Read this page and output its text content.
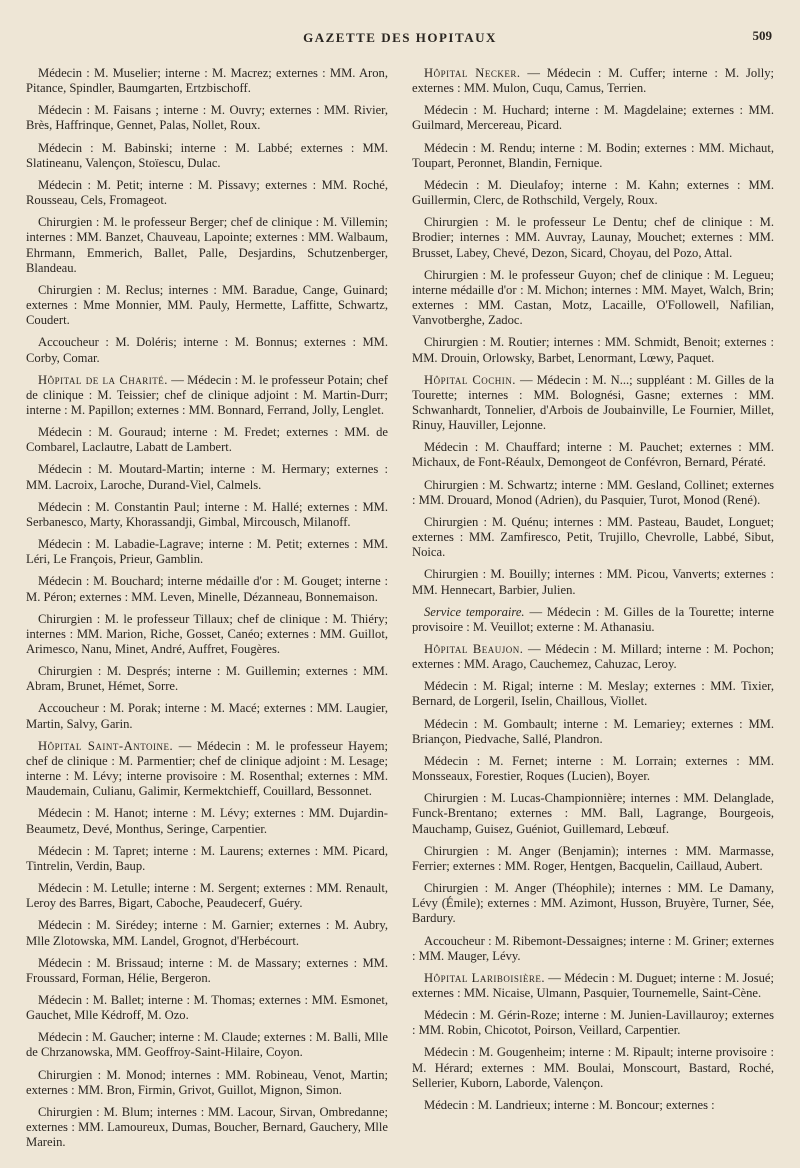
GAZETTE DES HOPITAUX	509

Médecin : M. Muselier; interne : M. Macrez; externes : MM. Aron, Pitance, Spindler, Baumgarten, Ertzbischoff.

Médecin : M. Faisans ; interne : M. Ouvry; externes : MM. Rivier, Brès, Haffrinque, Gennet, Palas, Nollet, Roux.

Médecin : M. Babinski; interne : M. Labbé; externes : MM. Slatineanu, Valençon, Stoïescu, Dulac.

Médecin : M. Petit; interne : M. Pissavy; externes : MM. Roché, Rousseau, Cels, Fromageot.

Chirurgien : M. le professeur Berger; chef de clinique : M. Villemin; internes : MM. Banzet, Chauveau, Lapointe; externes : MM. Walbaum, Ehrmann, Emmerich, Ballet, Palle, Desjardins, Schutzenberger, Blandeau.

Chirurgien : M. Reclus; internes : MM. Baradue, Cange, Guinard; externes : Mme Monnier, MM. Pauly, Hermette, Laffitte, Schwartz, Coudert.

Accoucheur : M. Doléris; interne : M. Bonnus; externes : MM. Corby, Comar.

Hôpital de la Charité. — Médecin : M. le professeur Potain; chef de clinique : M. Teissier; chef de clinique adjoint : M. Martin-Durr; interne : M. Papillon; externes : MM. Bonnard, Ferrand, Jolly, Lenglet.

Médecin : M. Gouraud; interne : M. Fredet; externes : MM. de Combarel, Laclautre, Labatt de Lambert.

Médecin : M. Moutard-Martin; interne : M. Hermary; externes : MM. Lacroix, Laroche, Durand-Viel, Calmels.

Médecin : M. Constantin Paul; interne : M. Hallé; externes : MM. Serbanesco, Marty, Khorassandji, Gimbal, Mircousch, Milanoff.

Médecin : M. Labadie-Lagrave; interne : M. Petit; externes : MM. Léri, Le François, Prieur, Gamblin.

Médecin : M. Bouchard; interne médaille d'or : M. Gouget; interne : M. Péron; externes : MM. Leven, Minelle, Dézanneau, Bonnemaison.

Chirurgien : M. le professeur Tillaux; chef de clinique : M. Thiéry; internes : MM. Marion, Riche, Gosset, Canéo; externes : MM. Guillot, Arimesco, Nanu, Minet, André, Auffret, Fougères.

Chirurgien : M. Després; interne : M. Guillemin; externes : MM. Abram, Brunet, Hémet, Sorre.

Accoucheur : M. Porak; interne : M. Macé; externes : MM. Laugier, Martin, Salvy, Garin.

Hôpital Saint-Antoine. — Médecin : M. le professeur Hayem; chef de clinique : M. Parmentier; chef de clinique adjoint : M. Lesage; interne : M. Lévy; interne provisoire : M. Rosenthal; externes : MM. Maudemain, Culianu, Galimir, Kermektchieff, Couillard, Bessonnet.

Médecin : M. Hanot; interne : M. Lévy; externes : MM. Dujardin-Beaumetz, Devé, Monthus, Seringe, Carpentier.

Médecin : M. Tapret; interne : M. Laurens; externes : MM. Picard, Tintrelin, Verdin, Baup.

Médecin : M. Letulle; interne : M. Sergent; externes : MM. Renault, Leroy des Barres, Bigart, Caboche, Peaudecerf, Guéry.

Médecin : M. Sirédey; interne : M. Garnier; externes : M. Aubry, Mlle Zlotowska, MM. Landel, Grognot, d'Herbécourt.

Médecin : M. Brissaud; interne : M. de Massary; externes : MM. Froussard, Forman, Hélie, Bergeron.

Médecin : M. Ballet; interne : M. Thomas; externes : MM. Esmonet, Gauchet, Mlle Kédroff, M. Ozo.

Médecin : M. Gaucher; interne : M. Claude; externes : M. Balli, Mlle de Chrzanowska, MM. Geoffroy-Saint-Hilaire, Coyon.

Chirurgien : M. Monod; internes : MM. Robineau, Venot, Martin; externes : MM. Bron, Firmin, Grivot, Guillot, Mignon, Simon.

Chirurgien : M. Blum; internes : MM. Lacour, Sirvan, Ombredanne; externes : MM. Lamoureux, Dumas, Boucher, Bernard, Gauchery, Mlle Marein.

Hôpital Necker. — Médecin : M. Cuffer; interne : M. Jolly; externes : MM. Mulon, Cuqu, Camus, Terrien.

Médecin : M. Huchard; interne : M. Magdelaine; externes : MM. Guilmard, Mercereau, Picard.

Médecin : M. Rendu; interne : M. Bodin; externes : MM. Michaut, Toupart, Peronnet, Blandin, Fernique.

Médecin : M. Dieulafoy; interne : M. Kahn; externes : MM. Guillermin, Clerc, de Rothschild, Vergely, Roux.

Chirurgien : M. le professeur Le Dentu; chef de clinique : M. Brodier; internes : MM. Auvray, Launay, Mouchet; externes : MM. Brusset, Labey, Chevé, Dezon, Sicard, Choyau, del Pozo, Attal.

Chirurgien : M. le professeur Guyon; chef de clinique : M. Legueu; interne médaille d'or : M. Michon; internes : MM. Mayet, Walch, Brin; externes : MM. Castan, Motz, Lacaille, O'Followell, Nafilian, Vanvotberghe, Zadoc.

Chirurgien : M. Routier; internes : MM. Schmidt, Benoit; externes : MM. Drouin, Orlowsky, Barbet, Lenormant, Lœwy, Paquet.

Hôpital Cochin. — Médecin : M. N...; suppléant : M. Gilles de la Tourette; internes : MM. Bolognési, Gasne; externes : MM. Schwanhardt, Tonnelier, d'Arbois de Joubainville, Le Fournier, Millet, Rinuy, Hauviller, Lejonne.

Médecin : M. Chauffard; interne : M. Pauchet; externes : MM. Michaux, de Font-Réaulx, Demongeot de Confévron, Bernard, Pératé.

Chirurgien : M. Schwartz; interne : MM. Gesland, Collinet; externes : MM. Drouard, Monod (Adrien), du Pasquier, Turot, Monod (René).

Chirurgien : M. Quénu; internes : MM. Pasteau, Baudet, Longuet; externes : MM. Zamfiresco, Petit, Trujillo, Chevrolle, Labbé, Sibut, Noica.

Chirurgien : M. Bouilly; internes : MM. Picou, Vanverts; externes : MM. Hennecart, Barbier, Julien.

Service temporaire. — Médecin : M. Gilles de la Tourette; interne provisoire : M. Veuillot; externe : M. Athanasiu.

Hôpital Beaujon. — Médecin : M. Millard; interne : M. Pochon; externes : MM. Arago, Cauchemez, Cahuzac, Leroy.

Médecin : M. Rigal; interne : M. Meslay; externes : MM. Tixier, Bernard, de Lorgeril, Iselin, Chaillous, Viollet.

Médecin : M. Gombault; interne : M. Lemariey; externes : MM. Briançon, Piedvache, Sallé, Plandron.

Médecin : M. Fernet; interne : M. Lorrain; externes : MM. Monsseaux, Forestier, Roques (Lucien), Boyer.

Chirurgien : M. Lucas-Championnière; internes : MM. Delanglade, Funck-Brentano; externes : MM. Ball, Lagrange, Bourgeois, Mauchamp, Guisez, Guéniot, Guillemard, Lebœuf.

Chirurgien : M. Anger (Benjamin); internes : MM. Marmasse, Ferrier; externes : MM. Roger, Hentgen, Bacquelin, Caillaud, Aubert.

Chirurgien : M. Anger (Théophile); internes : MM. Le Damany, Lévy (Émile); externes : MM. Azimont, Husson, Bruyère, Turner, Sée, Bardury.

Accoucheur : M. Ribemont-Dessaignes; interne : M. Griner; externes : MM. Mauger, Lévy.

Hôpital Lariboisière. — Médecin : M. Duguet; interne : M. Josué; externes : MM. Nicaise, Ulmann, Pasquier, Tournemelle, Saint-Cène.

Médecin : M. Gérin-Roze; interne : M. Junien-Lavillauroy; externes : MM. Robin, Chicotot, Poirson, Veillard, Carpentier.

Médecin : M. Gougenheim; interne : M. Ripault; interne provisoire : M. Hérard; externes : MM. Boulai, Monscourt, Bastard, Roché, Sellerier, Kuborn, Laborde, Valençon.

Médecin : M. Landrieux; interne : M. Boncour; externes :
